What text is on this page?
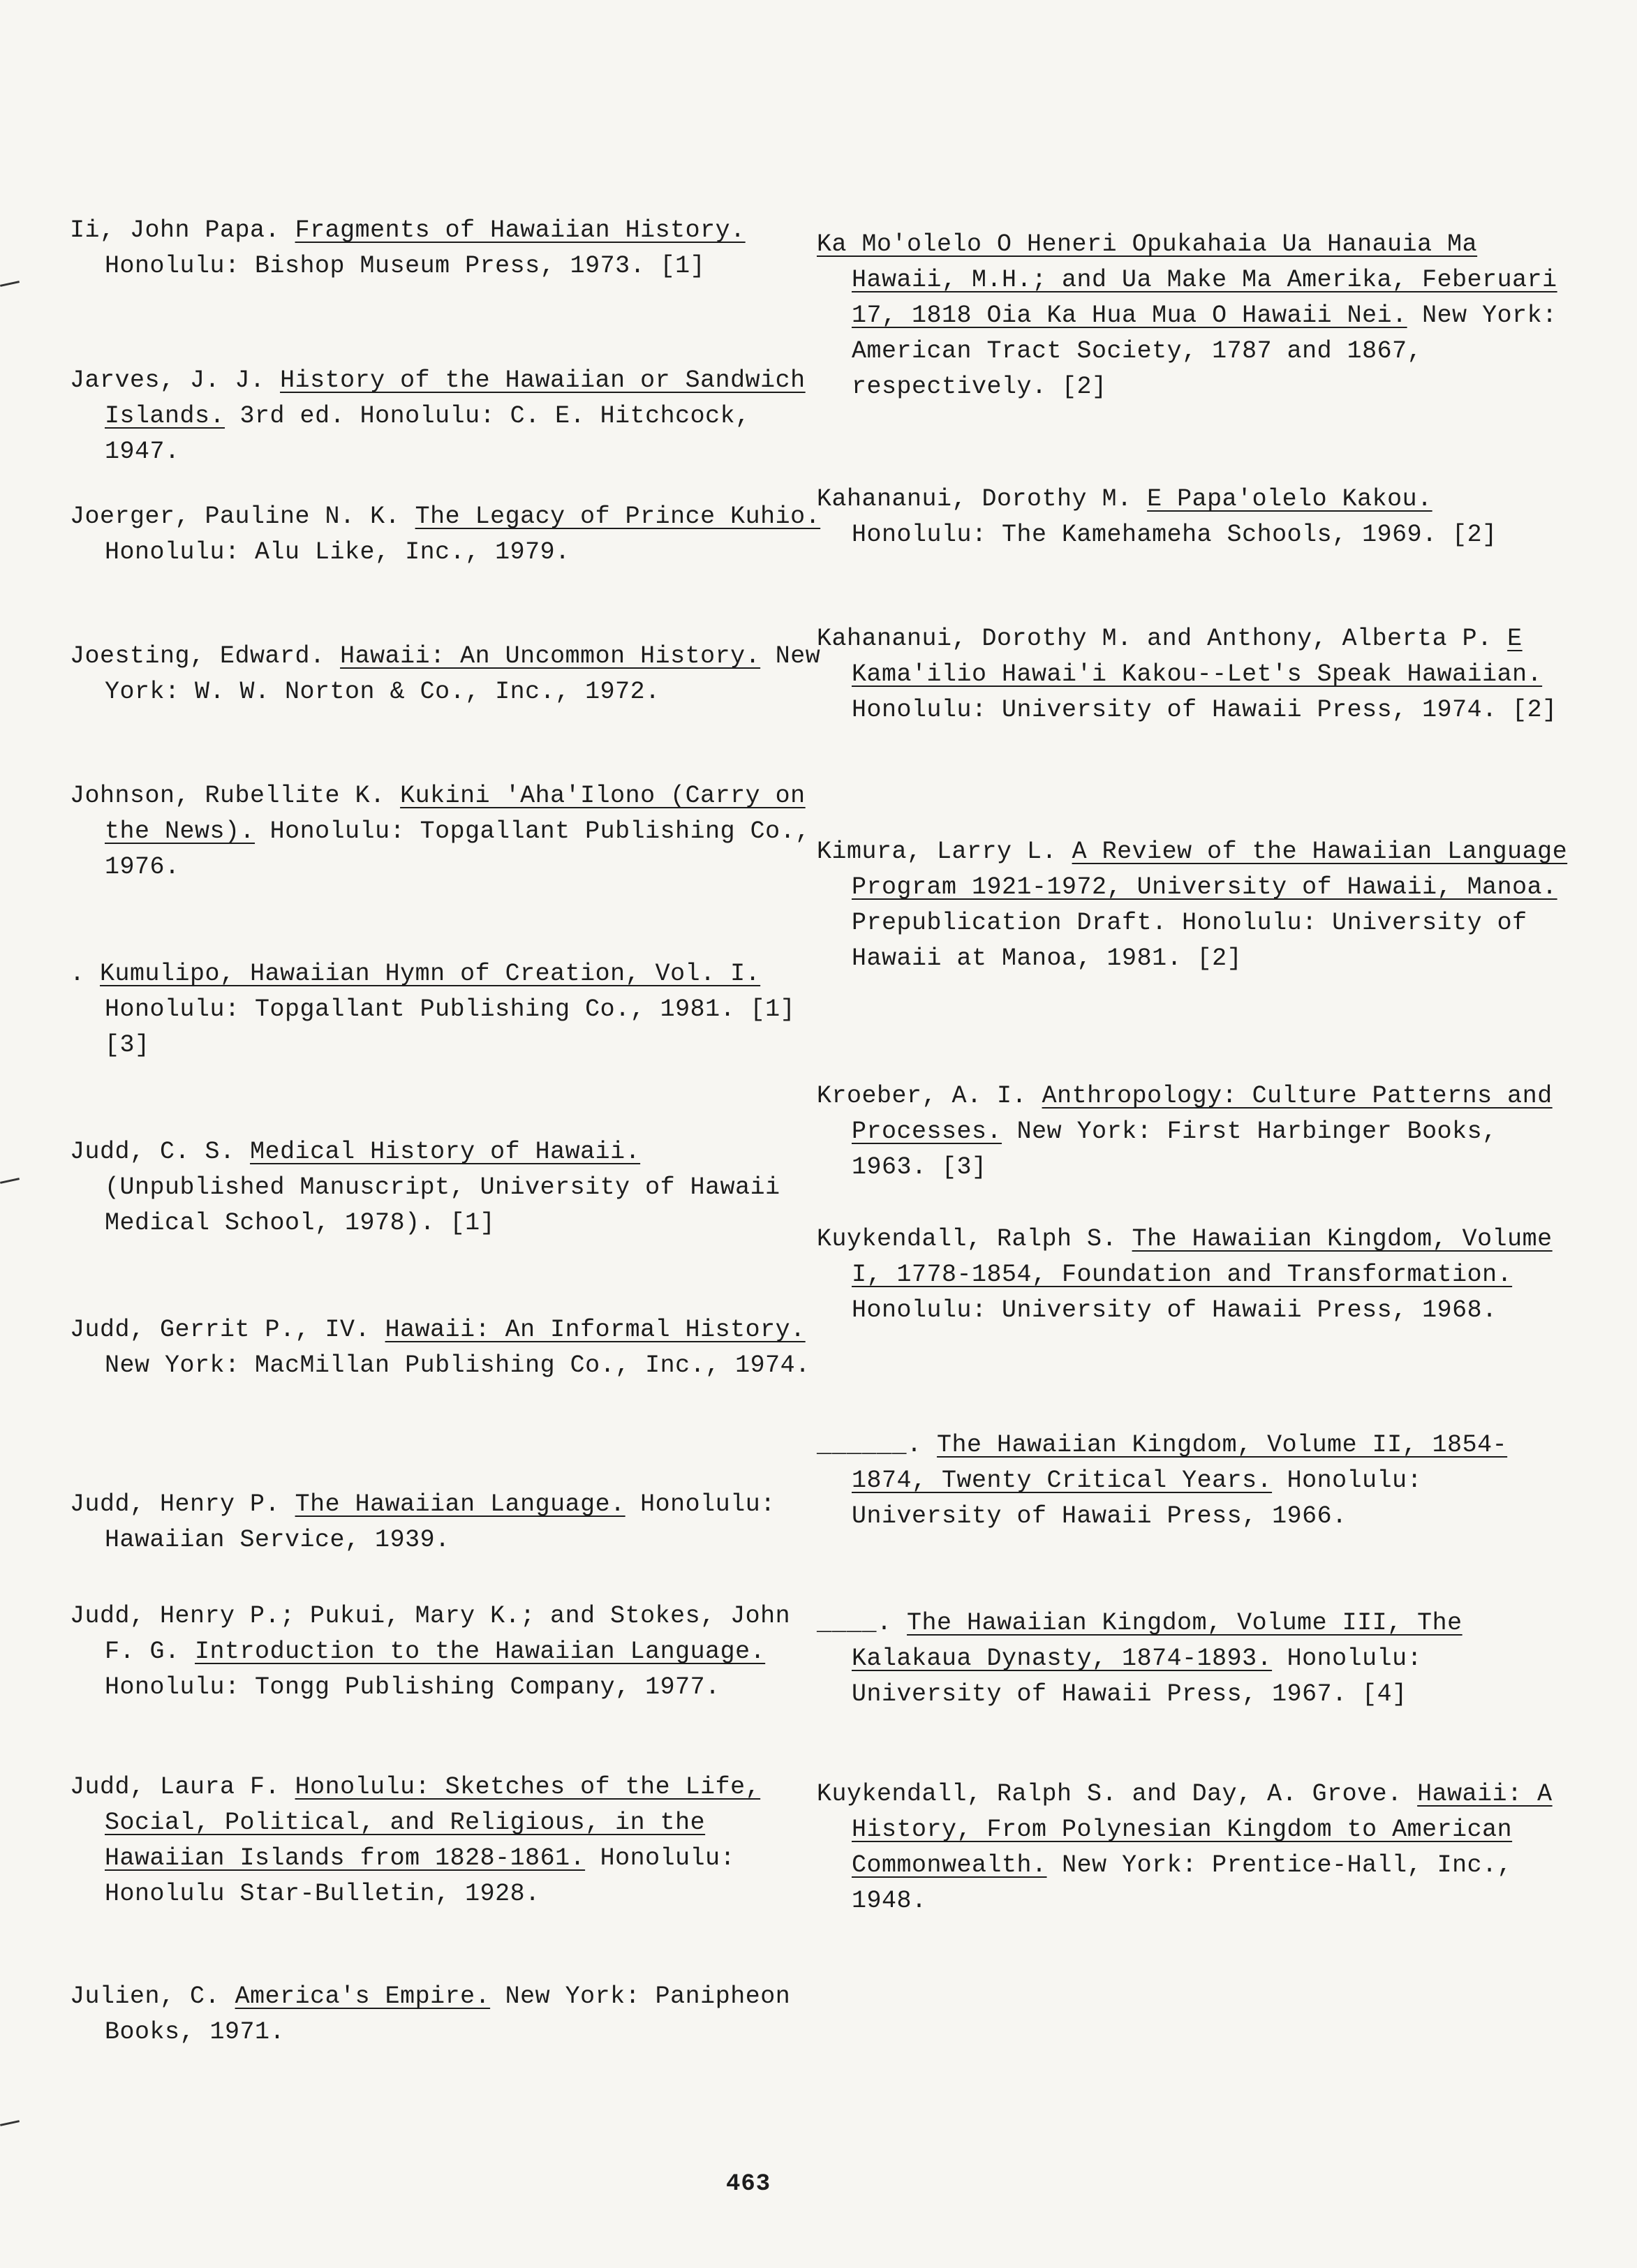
Ii, John Papa. Fragments of Hawaiian History. Honolulu: Bishop Museum Press, 1973. [1]
Jarves, J. J. History of the Hawaiian or Sandwich Islands. 3rd ed. Honolulu: C. E. Hitchcock, 1947.
Joerger, Pauline N. K. The Legacy of Prince Kuhio. Honolulu: Alu Like, Inc., 1979.
Joesting, Edward. Hawaii: An Uncommon History. New York: W. W. Norton & Co., Inc., 1972.
Johnson, Rubellite K. Kukini 'Aha'Ilono (Carry on the News). Honolulu: Topgallant Publishing Co., 1976.
. Kumulipo, Hawaiian Hymn of Creation, Vol. I. Honolulu: Topgallant Publishing Co., 1981. [1] [3]
Judd, C. S. Medical History of Hawaii. (Unpublished Manuscript, University of Hawaii Medical School, 1978). [1]
Judd, Gerrit P., IV. Hawaii: An Informal History. New York: MacMillan Publishing Co., Inc., 1974.
Judd, Henry P. The Hawaiian Language. Honolulu: Hawaiian Service, 1939.
Judd, Henry P.; Pukui, Mary K.; and Stokes, John F. G. Introduction to the Hawaiian Language. Honolulu: Tongg Publishing Company, 1977.
Judd, Laura F. Honolulu: Sketches of the Life, Social, Political, and Religious, in the Hawaiian Islands from 1828-1861. Honolulu: Honolulu Star-Bulletin, 1928.
Julien, C. America's Empire. New York: Panipheon Books, 1971.
Ka Mo'olelo O Heneri Opukahaia Ua Hanauia Ma Hawaii, M.H.; and Ua Make Ma Amerika, Feberuari 17, 1818 Oia Ka Hua Mua O Hawaii Nei. New York: American Tract Society, 1787 and 1867, respectively. [2]
Kahananui, Dorothy M. E Papa'olelo Kakou. Honolulu: The Kamehameha Schools, 1969. [2]
Kahananui, Dorothy M. and Anthony, Alberta P. E Kama'ilio Hawai'i Kakou--Let's Speak Hawaiian. Honolulu: University of Hawaii Press, 1974. [2]
Kimura, Larry L. A Review of the Hawaiian Language Program 1921-1972, University of Hawaii, Manoa. Prepublication Draft. Honolulu: University of Hawaii at Manoa, 1981. [2]
Kroeber, A. I. Anthropology: Culture Patterns and Processes. New York: First Harbinger Books, 1963. [3]
Kuykendall, Ralph S. The Hawaiian Kingdom, Volume I, 1778-1854, Foundation and Transformation. Honolulu: University of Hawaii Press, 1968.
______. The Hawaiian Kingdom, Volume II, 1854-1874, Twenty Critical Years. Honolulu: University of Hawaii Press, 1966.
____. The Hawaiian Kingdom, Volume III, The Kalakaua Dynasty, 1874-1893. Honolulu: University of Hawaii Press, 1967. [4]
Kuykendall, Ralph S. and Day, A. Grove. Hawaii: A History, From Polynesian Kingdom to American Commonwealth. New York: Prentice-Hall, Inc., 1948.
463
